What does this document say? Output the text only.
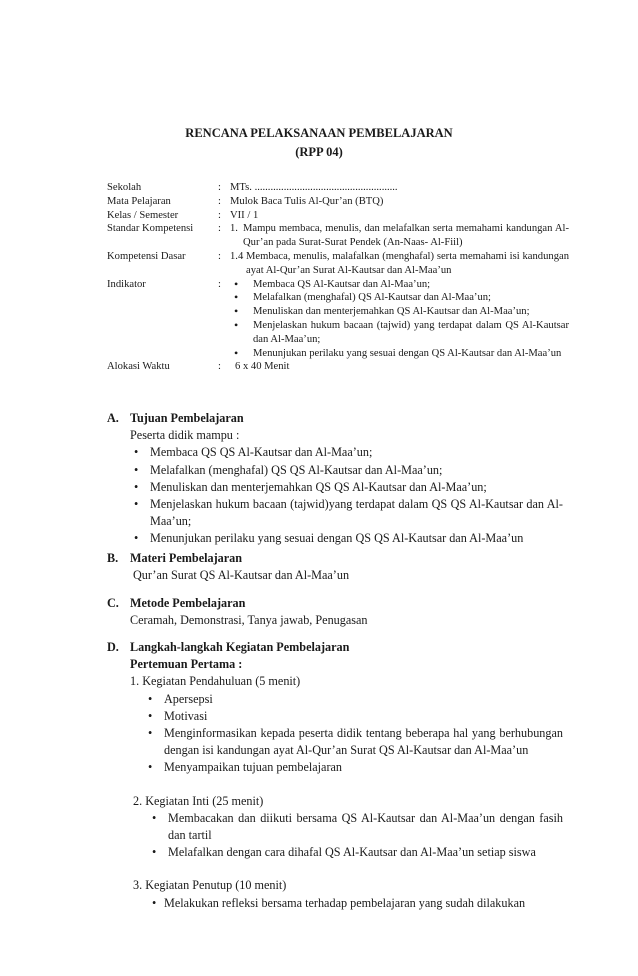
RENCANA PELAKSANAAN PEMBELAJARAN
(RPP 04)
Sekolah	: MTs. ......................................................
Mata Pelajaran	: Mulok Baca Tulis Al-Qur’an (BTQ)
Kelas / Semester	: VII / 1
Standar Kompetensi : 1. Mampu membaca, menulis, dan melafalkan serta memahami kandungan Al-Qur’an pada Surat-Surat Pendek (An-Naas- Al-Fiil)
Kompetensi Dasar	: 1.4 Membaca, menulis, malafalkan (menghafal) serta memahami isi kandungan ayat Al-Qur’an Surat Al-Kautsar dan Al-Maa’un
Indikator	:
•	Membaca QS Al-Kautsar dan Al-Maa’un;
• Melafalkan (menghafal) QS Al-Kautsar dan Al-Maa’un;
• Menuliskan dan menterjemahkan QS Al-Kautsar dan Al-Maa’un;
• Menjelaskan hukum bacaan (tajwid) yang terdapat dalam QS Al-Kautsar dan Al-Maa’un;
• Menunjukan perilaku yang sesuai dengan QS Al-Kautsar dan Al-Maa’un
Alokasi Waktu	:	6 x 40 Menit
A. Tujuan Pembelajaran
Peserta didik mampu :
• Membaca QS QS Al-Kautsar dan Al-Maa’un;
• Melafalkan (menghafal) QS QS Al-Kautsar dan Al-Maa’un;
• Menuliskan dan menterjemahkan QS QS Al-Kautsar dan Al-Maa’un;
• Menjelaskan hukum bacaan (tajwid)yang terdapat dalam QS QS Al-Kautsar dan Al-Maa’un;
• Menunjukan perilaku yang sesuai dengan QS QS Al-Kautsar dan Al-Maa’un
B. Materi Pembelajaran
Qur’an Surat QS Al-Kautsar dan Al-Maa’un
C. Metode Pembelajaran
Ceramah, Demonstrasi, Tanya jawab, Penugasan
D. Langkah-langkah Kegiatan Pembelajaran
Pertemuan Pertama :
1. Kegiatan Pendahuluan (5 menit)
• Apersepsi
• Motivasi
• Menginformasikan kepada peserta didik tentang beberapa hal yang berhubungan dengan isi kandungan ayat Al-Qur’an Surat QS Al-Kautsar dan Al-Maa’un
• Menyampaikan tujuan pembelajaran
2. Kegiatan Inti (25 menit)
• Membacakan dan diikuti bersama QS Al-Kautsar dan Al-Maa’un dengan fasih dan tartil
• Melafalkan dengan cara dihafal QS Al-Kautsar dan Al-Maa’un setiap siswa
3. Kegiatan Penutup (10 menit)
• Melakukan refleksi bersama terhadap pembelajaran yang sudah dilakukan
